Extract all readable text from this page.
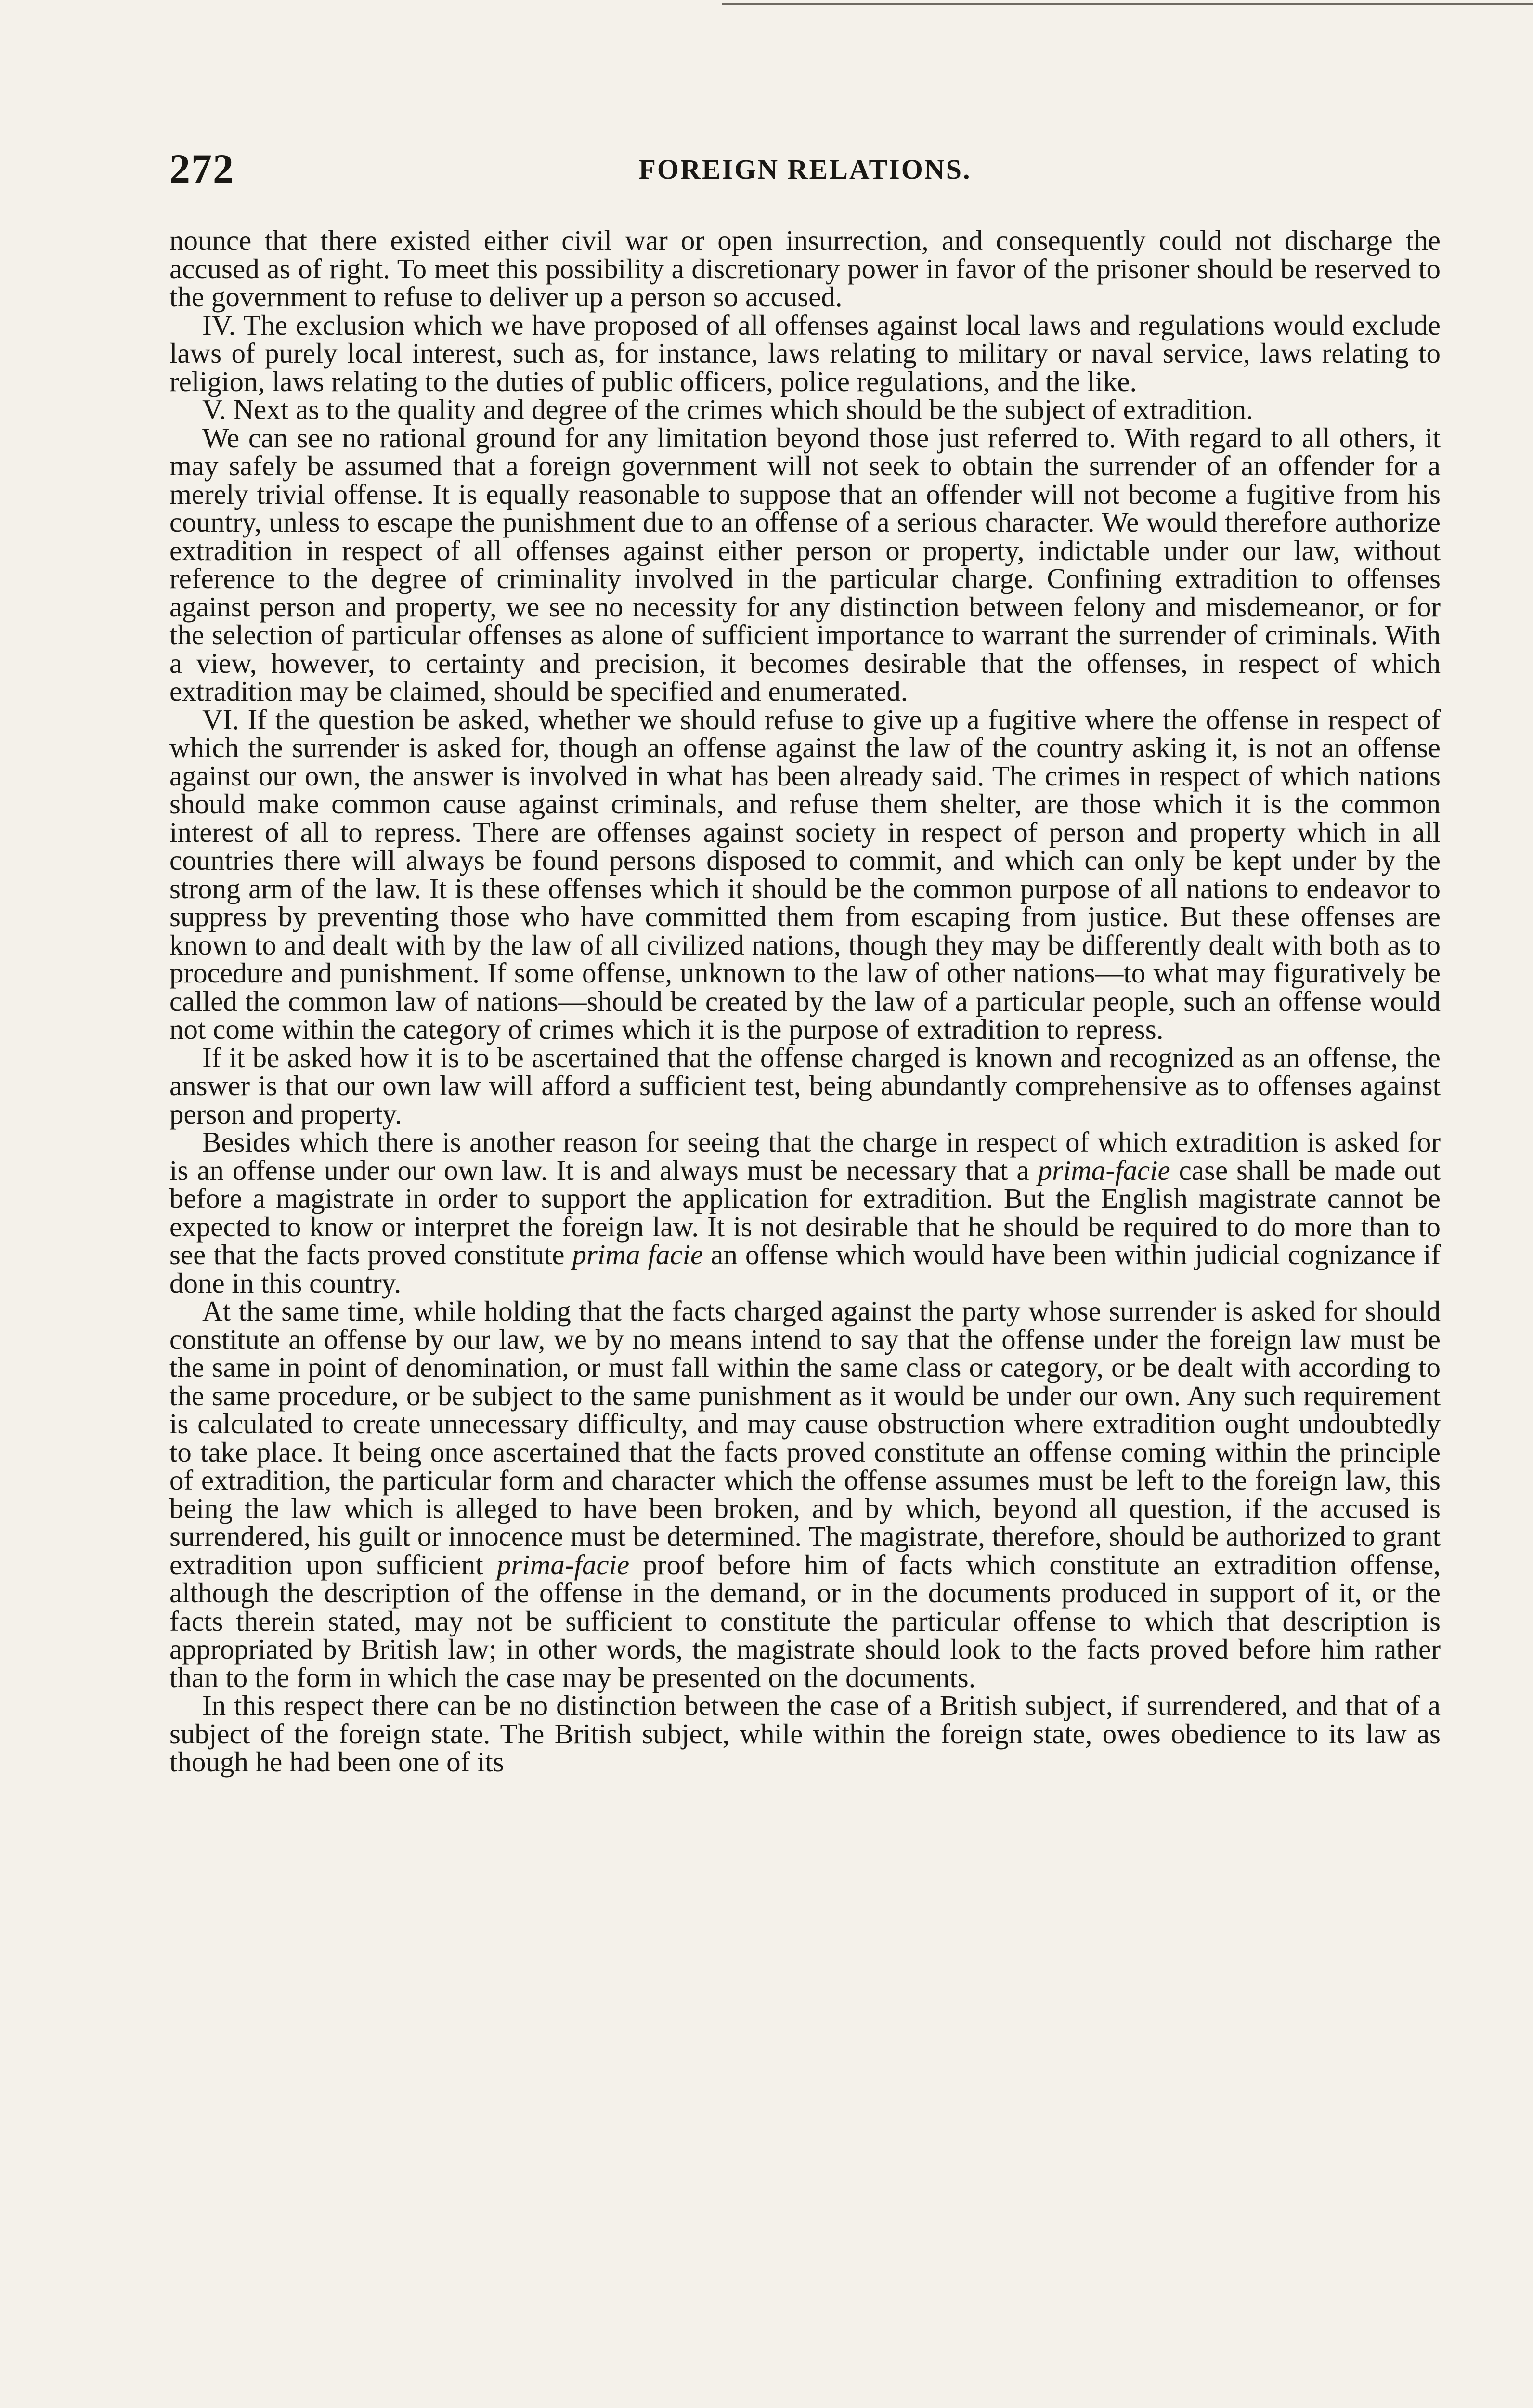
272	FOREIGN RELATIONS.

nounce that there existed either civil war or open insurrection, and consequently could not discharge the accused as of right. To meet this possibility a discretionary power in favor of the prisoner should be reserved to the government to refuse to deliver up a person so accused.

IV. The exclusion which we have proposed of all offenses against local laws and regulations would exclude laws of purely local interest, such as, for instance, laws relating to military or naval service, laws relating to religion, laws relating to the duties of public officers, police regulations, and the like.

V. Next as to the quality and degree of the crimes which should be the subject of extradition.

We can see no rational ground for any limitation beyond those just referred to. With regard to all others, it may safely be assumed that a foreign government will not seek to obtain the surrender of an offender for a merely trivial offense. It is equally reasonable to suppose that an offender will not become a fugitive from his country, unless to escape the punishment due to an offense of a serious character. We would therefore authorize extradition in respect of all offenses against either person or property, indictable under our law, without reference to the degree of criminality involved in the particular charge. Confining extradition to offenses against person and property, we see no necessity for any distinction between felony and misdemeanor, or for the selection of particular offenses as alone of sufficient importance to warrant the surrender of criminals. With a view, however, to certainty and precision, it becomes desirable that the offenses, in respect of which extradition may be claimed, should be specified and enumerated.

VI. If the question be asked, whether we should refuse to give up a fugitive where the offense in respect of which the surrender is asked for, though an offense against the law of the country asking it, is not an offense against our own, the answer is involved in what has been already said. The crimes in respect of which nations should make common cause against criminals, and refuse them shelter, are those which it is the common interest of all to repress. There are offenses against society in respect of person and property which in all countries there will always be found persons disposed to commit, and which can only be kept under by the strong arm of the law. It is these offenses which it should be the common purpose of all nations to endeavor to suppress by preventing those who have committed them from escaping from justice. But these offenses are known to and dealt with by the law of all civilized nations, though they may be differently dealt with both as to procedure and punishment. If some offense, unknown to the law of other nations—to what may figuratively be called the common law of nations—should be created by the law of a particular people, such an offense would not come within the category of crimes which it is the purpose of extradition to repress.

If it be asked how it is to be ascertained that the offense charged is known and recognized as an offense, the answer is that our own law will afford a sufficient test, being abundantly comprehensive as to offenses against person and property.

Besides which there is another reason for seeing that the charge in respect of which extradition is asked for is an offense under our own law. It is and always must be necessary that a prima-facie case shall be made out before a magistrate in order to support the application for extradition. But the English magistrate cannot be expected to know or interpret the foreign law. It is not desirable that he should be required to do more than to see that the facts proved constitute prima facie an offense which would have been within judicial cognizance if done in this country.

At the same time, while holding that the facts charged against the party whose surrender is asked for should constitute an offense by our law, we by no means intend to say that the offense under the foreign law must be the same in point of denomination, or must fall within the same class or category, or be dealt with according to the same procedure, or be subject to the same punishment as it would be under our own. Any such requirement is calculated to create unnecessary difficulty, and may cause obstruction where extradition ought undoubtedly to take place. It being once ascertained that the facts proved constitute an offense coming within the principle of extradition, the particular form and character which the offense assumes must be left to the foreign law, this being the law which is alleged to have been broken, and by which, beyond all question, if the accused is surrendered, his guilt or innocence must be determined. The magistrate, therefore, should be authorized to grant extradition upon sufficient prima-facie proof before him of facts which constitute an extradition offense, although the description of the offense in the demand, or in the documents produced in support of it, or the facts therein stated, may not be sufficient to constitute the particular offense to which that description is appropriated by British law; in other words, the magistrate should look to the facts proved before him rather than to the form in which the case may be presented on the documents.

In this respect there can be no distinction between the case of a British subject, if surrendered, and that of a subject of the foreign state. The British subject, while within the foreign state, owes obedience to its law as though he had been one of its
